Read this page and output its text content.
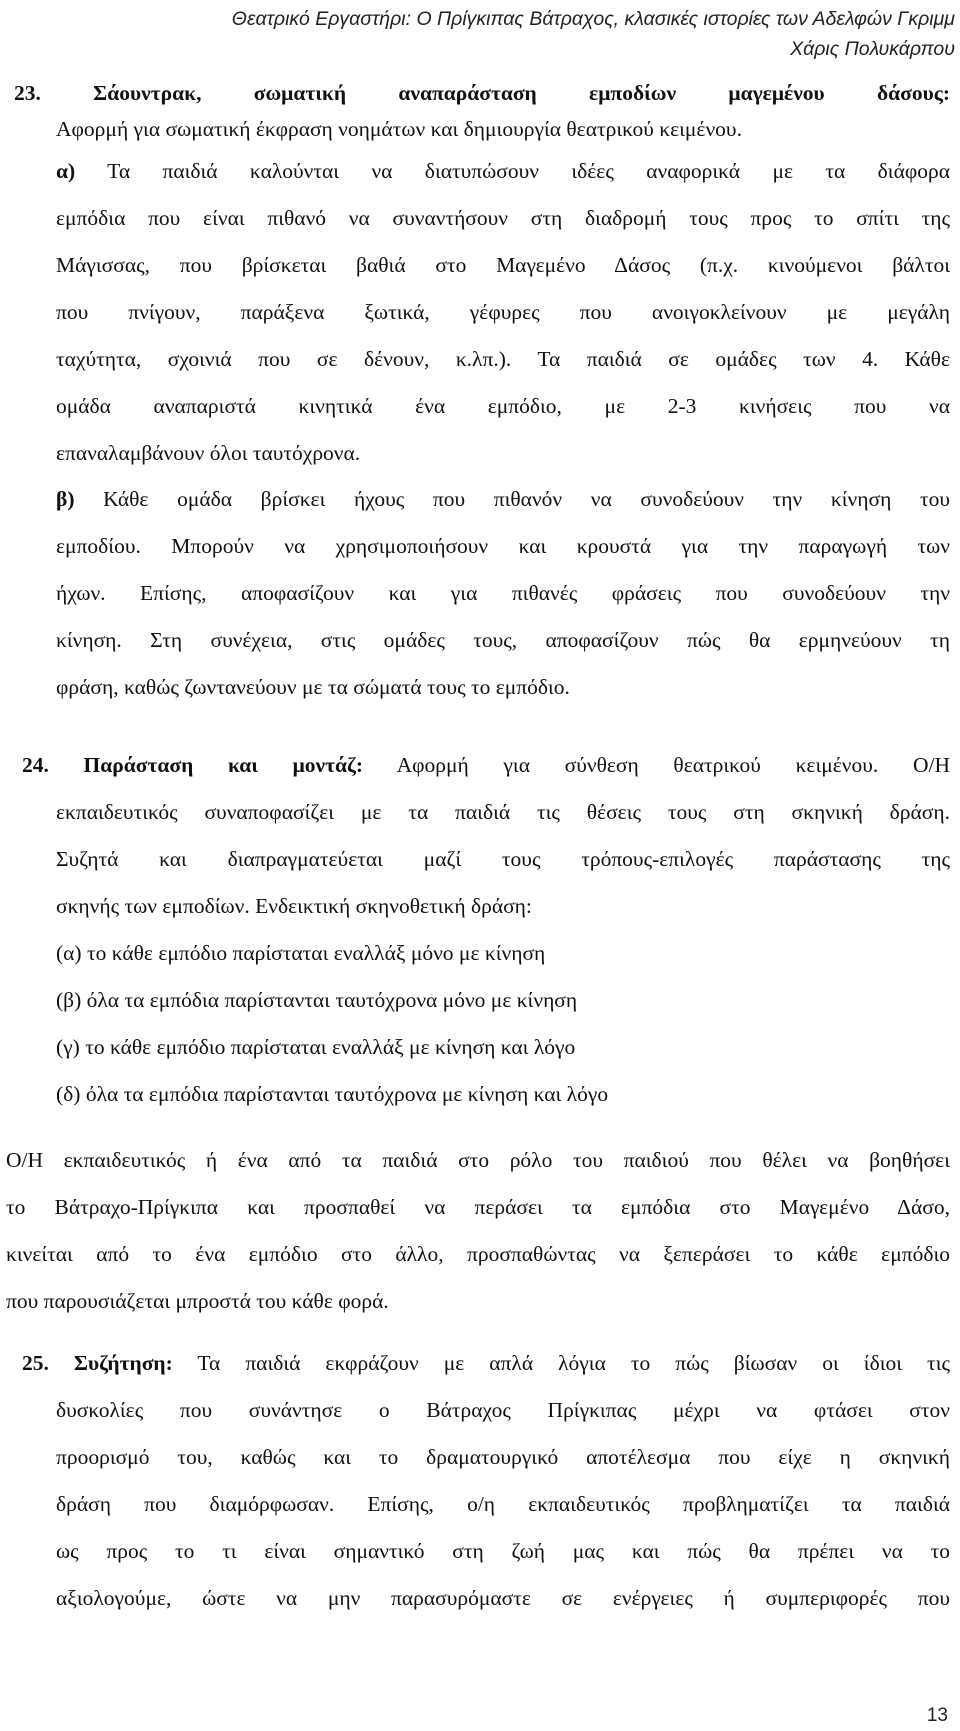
Θεατρικό Εργαστήρι: Ο Πρίγκιπας Βάτραχος, κλασικές ιστορίες των Αδελφών Γκριμμ
Χάρις Πολυκάρπου
23. Σάουντρακ, σωματική αναπαράσταση εμποδίων μαγεμένου δάσους:
Αφορμή για σωματική έκφραση νοημάτων και δημιουργία θεατρικού κειμένου.
α) Τα παιδιά καλούνται να διατυπώσουν ιδέες αναφορικά με τα διάφορα
εμπόδια που είναι πιθανό να συναντήσουν στη διαδρομή τους προς το σπίτι της
Μάγισσας, που βρίσκεται βαθιά στο Μαγεμένο Δάσος (π.χ. κινούμενοι βάλτοι
που πνίγουν, παράξενα ξωτικά, γέφυρες που ανοιγοκλείνουν με μεγάλη
ταχύτητα, σχοινιά που σε δένουν, κ.λπ.). Τα παιδιά σε ομάδες των 4. Κάθε
ομάδα αναπαριστά κινητικά ένα εμπόδιο, με 2-3 κινήσεις που να
επαναλαμβάνουν όλοι ταυτόχρονα.
β) Κάθε ομάδα βρίσκει ήχους που πιθανόν να συνοδεύουν την κίνηση του
εμποδίου. Μπορούν να χρησιμοποιήσουν και κρουστά για την παραγωγή των
ήχων. Επίσης, αποφασίζουν και για πιθανές φράσεις που συνοδεύουν την
κίνηση. Στη συνέχεια, στις ομάδες τους, αποφασίζουν πώς θα ερμηνεύουν τη
φράση, καθώς ζωντανεύουν με τα σώματά τους το εμπόδιο.
24. Παράσταση και μοντάζ: Αφορμή για σύνθεση θεατρικού κειμένου. Ο/Η
εκπαιδευτικός συναποφασίζει με τα παιδιά τις θέσεις τους στη σκηνική δράση.
Συζητά και διαπραγματεύεται μαζί τους τρόπους-επιλογές παράστασης της
σκηνής των εμποδίων. Ενδεικτική σκηνοθετική δράση:
(α) το κάθε εμπόδιο παρίσταται εναλλάξ μόνο με κίνηση
(β) όλα τα εμπόδια παρίστανται ταυτόχρονα μόνο με κίνηση
(γ) το κάθε εμπόδιο παρίσταται εναλλάξ με κίνηση και λόγο
(δ) όλα τα εμπόδια παρίστανται ταυτόχρονα με κίνηση και λόγο
Ο/Η εκπαιδευτικός ή ένα από τα παιδιά στο ρόλο του παιδιού που θέλει να βοηθήσει
το Βάτραχο-Πρίγκιπα και προσπαθεί να περάσει τα εμπόδια στο Μαγεμένο Δάσο,
κινείται από το ένα εμπόδιο στο άλλο, προσπαθώντας να ξεπεράσει το κάθε εμπόδιο
που παρουσιάζεται μπροστά του κάθε φορά.
25. Συζήτηση: Τα παιδιά εκφράζουν με απλά λόγια το πώς βίωσαν οι ίδιοι τις
δυσκολίες που συνάντησε ο Βάτραχος Πρίγκιπας μέχρι να φτάσει στον
προορισμό του, καθώς και το δραματουργικό αποτέλεσμα που είχε η σκηνική
δράση που διαμόρφωσαν. Επίσης, ο/η εκπαιδευτικός προβληματίζει τα παιδιά
ως προς το τι είναι σημαντικό στη ζωή μας και πώς θα πρέπει να το
αξιολογούμε, ώστε να μην παρασυρόμαστε σε ενέργειες ή συμπεριφορές που
13
